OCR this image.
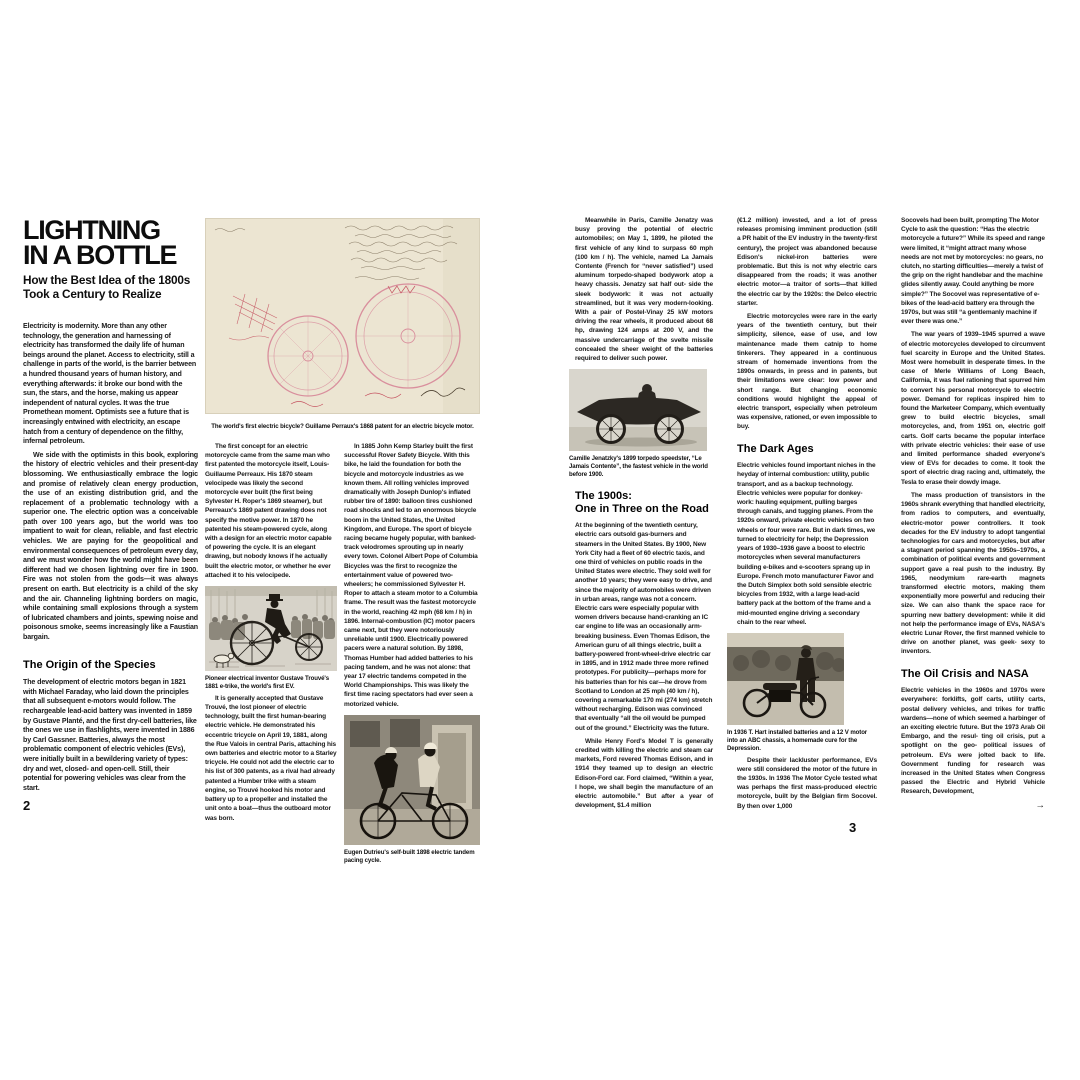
LIGHTNING
IN A BOTTLE
How the Best Idea of the 1800s
Took a Century to Realize
The world's first electric bicycle? Guillame Perraux's 1868 patent for an electric bicycle motor.

Electricity is modernity. More than any other technology, the generation and harnessing of electricity has transformed the daily life of human beings around the planet. Access to electricity, still a challenge in parts of the world, is the barrier between a hundred thousand years of human history, and everything afterwards: it broke our bond with the sun, the stars, and the horse, making us appear independent of natural cycles. It was the true Promethean moment. Optimists see a future that is increasingly entwined with electricity, an escape hatch from a century of dependence on the filthy, infernal petroleum.

We side with the optimists in this book, exploring the history of electric vehicles and their present-day blossoming. We enthusiastically embrace the logic and promise of relatively clean energy production, the use of an existing distribution grid, and the replacement of a problematic technology with a superior one. The electric option was a conceivable path over 100 years ago, but the world was too impatient to wait for clean, reliable, and fast electric vehicles. We are paying for the geopolitical and environmental consequences of petroleum every day, and we must wonder how the world might have been different had we chosen lightning over fire in 1900. Fire was not stolen from the gods—it was always present on earth. But electricity is a child of the sky and the air. Channeling lightning borders on magic, while containing small explosions through a system of lubricated chambers and joints, spewing noise and poisonous smoke, seems increasingly like a Faustian bargain.

The Origin of the Species

The development of electric motors began in 1821 with Michael Faraday, who laid down the principles that all subsequent e-motors would follow. The rechargeable lead-acid battery was invented in 1859 by Gustave Planté, and the first dry-cell batteries, like the ones we use in flashlights, were invented in 1886 by Carl Gassner. Batteries, always the most problematic component of electric vehicles (EVs), were initially built in a bewildering variety of types: dry and wet, closed- and open-cell. Still, their potential for powering vehicles was clear from the start.

2

The first concept for an electric motorcycle came from the same man who first patented the motorcycle itself, Louis-Guillaume Perreaux. His 1870 steam velocipede was likely the second motorcycle ever built (the first being Sylvester H. Roper's 1869 steamer), but Perreaux's 1869 patent drawing does not specify the motive power. In 1870 he patented his steam-powered cycle, along with a design for an electric motor capable of powering the cycle. It is an elegant drawing, but nobody knows if he actually built the electric motor, or whether he ever attached it to his velocipede.

Pioneer electrical inventor Gustave Trouvé's 1881 e-trike, the world's first EV.

It is generally accepted that Gustave Trouvé, the lost pioneer of electric technology, built the first human-bearing electric vehicle. He demonstrated his eccentric tricycle on April 19, 1881, along the Rue Valois in central Paris, attaching his own batteries and electric motor to a Starley tricycle. He could not add the electric car to his list of 300 patents, as a rival had already patented a Humber trike with a steam engine, so Trouvé hooked his motor and battery up to a propeller and installed the unit onto a boat—thus the outboard motor was born.

In 1885 John Kemp Starley built the first successful Rover Safety Bicycle. With this bike, he laid the foundation for both the bicycle and motorcycle industries as we known them. All rolling vehicles improved dramatically with Joseph Dunlop's inflated rubber tire of 1890: balloon tires cushioned road shocks and led to an enormous bicycle boom in the United States, the United Kingdom, and Europe. The sport of bicycle racing became hugely popular, with banked-track velodromes sprouting up in nearly every town. Colonel Albert Pope of Columbia Bicycles was the first to recognize the entertainment value of powered two-wheelers; he commissioned Sylvester H. Roper to attach a steam motor to a Columbia frame. The result was the fastest motorcycle in the world, reaching 42 mph (68 km / h) in 1896. Internal-combustion (IC) motor pacers came next, but they were notoriously unreliable until 1900. Electrically powered pacers were a natural solution. By 1898, Thomas Humber had added batteries to his pacing tandem, and he was not alone: that year 17 electric tandems competed in the World Championships. This was likely the first time racing spectators had ever seen a motorized vehicle.

Eugen Dutrieu's self-built 1898 electric tandem pacing cycle.

Meanwhile in Paris, Camille Jenatzy was busy proving the potential of electric automobiles; on May 1, 1899, he piloted the first vehicle of any kind to surpass 60 mph (100 km / h). The vehicle, named La Jamais Contente (French for “never satisfied”) used aluminum torpedo-shaped bodywork atop a heavy chassis. Jenatzy sat half out- side the sleek bodywork: it was not actually streamlined, but it was very modern-looking. With a pair of Postel-Vinay 25 kW motors driving the rear wheels, it produced about 68 hp, drawing 124 amps at 200 V, and the massive undercarriage of the svelte missile concealed the sheer weight of the batteries required to deliver such power.

Camille Jenatzky's 1899 torpedo speedster, “Le Jamais Contente”, the fastest vehicle in the world before 1900.
The 1900s:
One in Three on the Road

At the beginning of the twentieth century, electric cars outsold gas-burners and steamers in the United States. By 1900, New York City had a fleet of 60 electric taxis, and one third of vehicles on public roads in the United States were electric. They sold well for another 10 years; they were easy to drive, and since the majority of automobiles were driven in urban areas, range was not a concern. Electric cars were especially popular with women drivers because hand-cranking an IC car engine to life was an occasionally arm-breaking business. Even Thomas Edison, the American guru of all things electric, built a battery-powered front-wheel-drive electric car in 1895, and in 1912 made three more refined prototypes. For publicity—perhaps more for his batteries than for his car—he drove from Scotland to London at 25 mph (40 km / h), covering a remarkable 170 mi (274 km) stretch without recharging. Edison was convinced that eventually “all the oil would be pumped out of the ground.” Electricity was the future.

While Henry Ford's Model T is generally credited with killing the electric and steam car markets, Ford revered Thomas Edison, and in 1914 they teamed up to design an electric Edison-Ford car. Ford claimed, “Within a year, I hope, we shall begin the manufacture of an electric automobile.” But after a year of development, $1.4 million

(€1.2 million) invested, and a lot of press releases promising imminent production (still a PR habit of the EV industry in the twenty-first century), the project was abandoned because Edison's nickel-iron batteries were problematic. But this is not why electric cars disappeared from the roads; it was another electric motor—a traitor of sorts—that killed the electric car by the 1920s: the Delco electric starter.

Electric motorcycles were rare in the early years of the twentieth century, but their simplicity, silence, ease of use, and low maintenance made them catnip to home tinkerers. They appeared in a continuous stream of homemade inventions from the 1890s onwards, in press and in patents, but their limitations were clear: low power and short range. But changing economic conditions would highlight the appeal of electric transport, especially when petroleum was expensive, rationed, or even impossible to buy.

The Dark Ages

Electric vehicles found important niches in the heyday of internal combustion: utility, public transport, and as a backup technology. Electric vehicles were popular for donkey-work: hauling equipment, pulling barges through canals, and tugging planes. From the 1920s onward, private electric vehicles on two wheels or four were rare. But in dark times, we turned to electricity for help; the Depression years of 1930–1936 gave a boost to electric motorcycles when several manufacturers building e-bikes and e-scooters sprang up in Europe. French moto manufacturer Favor and the Dutch Simplex both sold sensible electric bicycles from 1932, with a large lead-acid battery pack at the bottom of the frame and a mid-mounted engine driving a secondary chain to the rear wheel.

In 1936 T. Hart installed batteries and a 12 V motor into an ABC chassis, a homemade cure for the Depression.

Despite their lackluster performance, EVs were still considered the motor of the future in the 1930s. In 1936 The Motor Cycle tested what was perhaps the first mass-produced electric motorcycle, built by the Belgian firm Socovel. By then over 1,000

Socovels had been built, prompting The Motor Cycle to ask the question: “Has the electric motorcycle a future?” While its speed and range were limited, it “might attract many whose needs are not met by motorcycles: no gears, no clutch, no starting difficulties—merely a twist of the grip on the right handlebar and the machine glides silently away. Could anything be more simple?” The Socovel was representative of e-bikes of the lead-acid battery era through the 1970s, but was still “a gentlemanly machine if ever there was one.”

The war years of 1939–1945 spurred a wave of electric motorcycles developed to circumvent fuel scarcity in Europe and the United States. Most were homebuilt in desperate times. In the case of Merle Williams of Long Beach, California, it was fuel rationing that spurred him to convert his personal motorcycle to electric power. Demand for replicas inspired him to found the Marketeer Company, which eventually grew to build electric bicycles, small motorcycles, and, from 1951 on, electric golf carts. Golf carts became the popular interface with private electric vehicles: their ease of use and limited performance shaded everyone's view of EVs for decades to come. It took the sport of electric drag racing and, ultimately, the Tesla to erase their dowdy image.

The mass production of transistors in the 1960s shrank everything that handled electricity, from radios to computers, and eventually, electric-motor power controllers. It took decades for the EV industry to adopt tangential technologies for cars and motorcycles, but after a stagnant period spanning the 1950s–1970s, a combination of political events and government support gave a real push to the industry. By 1965, neodymium rare-earth magnets transformed electric motors, making them exponentially more powerful and reducing their size. We can also thank the space race for spurring new battery development: while it did not help the performance image of EVs, NASA's electric Lunar Rover, the first manned vehicle to drive on another planet, was geek- sexy to inventors.

The Oil Crisis and NASA

Electric vehicles in the 1960s and 1970s were everywhere: forklifts, golf carts, utility carts, postal delivery vehicles, and trikes for traffic wardens—none of which seemed a harbinger of an exciting electric future. But the 1973 Arab Oil Embargo, and the resul- ting oil crisis, put a spotlight on the geo- political issues of petroleum. EVs were jolted back to life. Government funding for research was increased in the United States when Congress passed the Electric and Hybrid Vehicle Research, Development,

→
3
